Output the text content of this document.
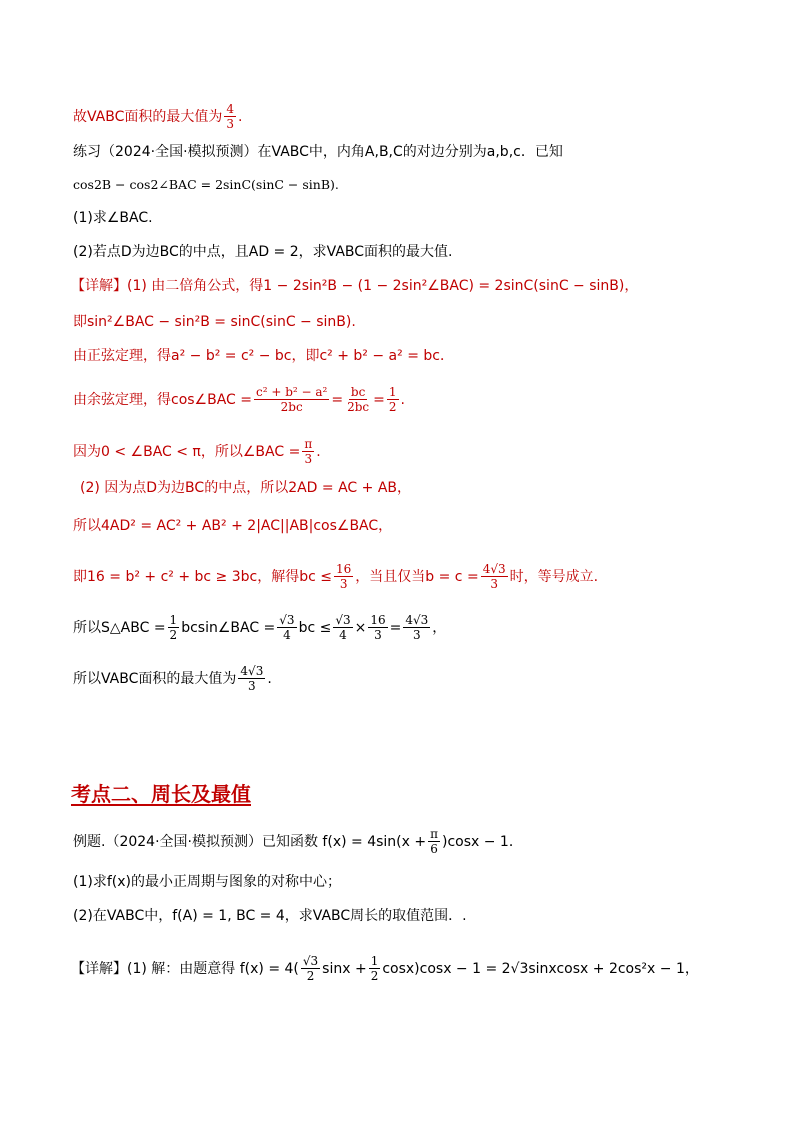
故VABC面积的最大值为 $\frac{4}{3}$ .
练习（2024·全国·模拟预测）在VABC中，内角A,B,C的对边分别为a,b,c．已知
cos2B − cos2∠BAC = 2sinC(sinC − sinB).
(1)求∠BAC.
(2)若点D为边BC的中点，且AD = 2，求VABC面积的最大值.
【详解】 (1) 由二倍角公式，得1 − 2sin²B − (1 − 2sin²∠BAC) = 2sinC(sinC − sinB)，
即sin²∠BAC − sin²B = sinC(sinC − sinB).
由正弦定理，得a² − b² = c² − bc，即c² + b² − a² = bc．
由余弦定理，得cos∠BAC = $\frac{\text{c² + b² − a²}}{2bc} = \frac{bc}{2bc} = \frac{1}{2}$ .
因为0 < ∠BAC < π，所以∠BAC = $\frac{\pi}{3}$ .
(2) 因为点D为边BC的中点，所以2AD = AC + AB，
所以4AD² = AC² + AB² + 2|AC||AB|cos∠BAC，
即16 = b² + c² + bc ≥ 3bc，解得bc ≤ $\frac{16}{3}$ ，当且仅当$b = c = \frac{4√3}{3}$ 时，等号成立.
所以S△ABC = $\frac{1}{2}$ bcsin∠BAC = $\frac{√3}{4}$ bc ≤ $\frac{√3}{4} \times \frac{16}{3} = \frac{4√3}{3}$ ，
所以VABC面积的最大值为 $\frac{4√3}{3}$ .
考点二、周长及最值
例题.（2024·全国·模拟预测）已知函数 $f(x) = 4\sin(x + \frac{\pi}{6} )\cos x - 1$．
(1)求f(x)的最小正周期与图象的对称中心；
(2)在VABC中，f(A) = 1, BC = 4，求VABC周长的取值范围．.
【详解】(1) 解：由题意得 $f(x) = 4( \frac{√3}{2}$ $\sin x + \frac{1}{2} \cos x)\cos x - 1$ = 2√3sinxcosx + 2cos²x − 1，
